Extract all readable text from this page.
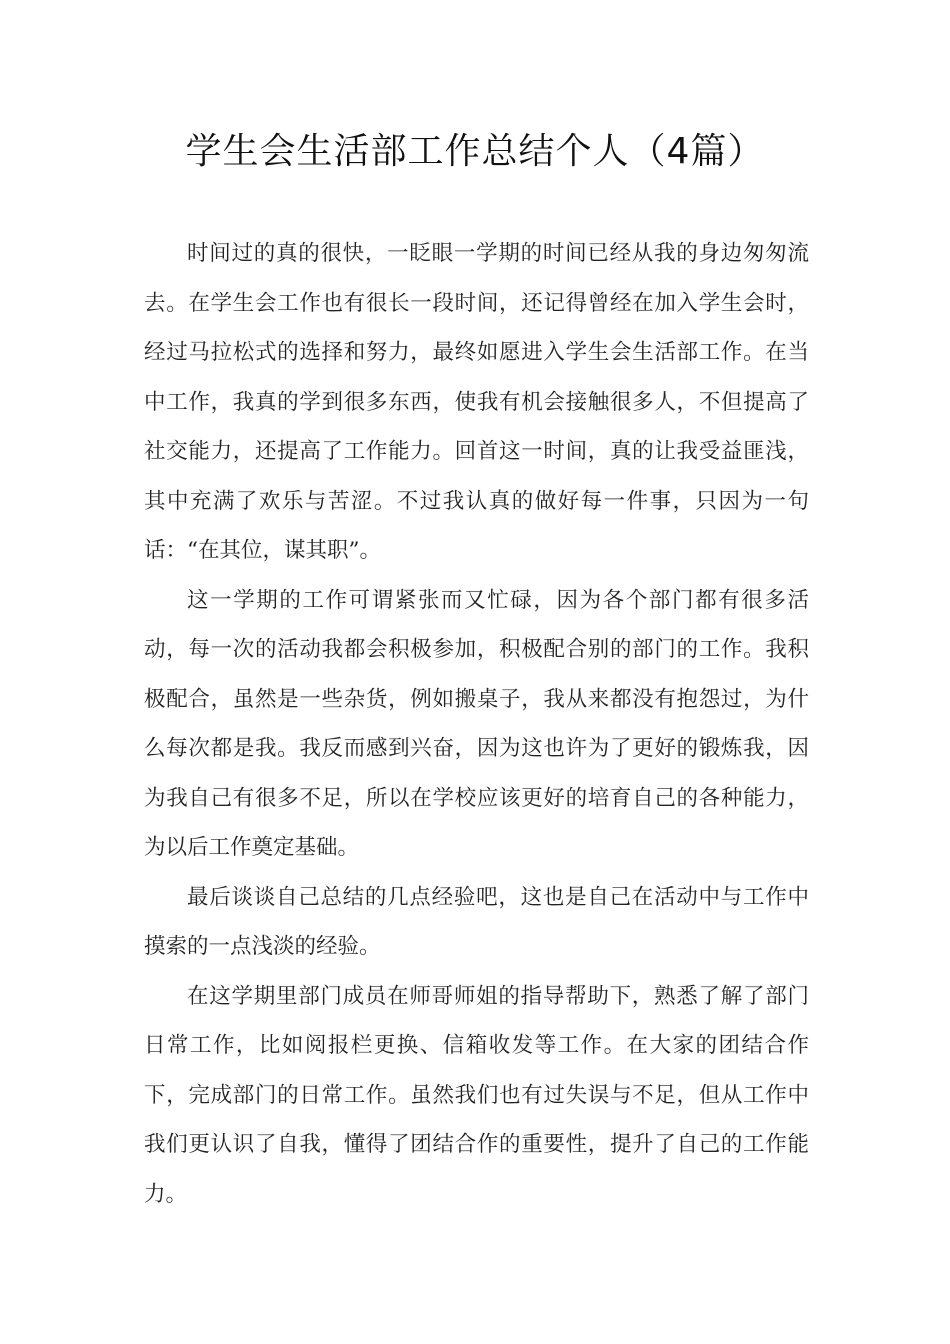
学生会生活部工作总结个人（4篇）

时间过的真的很快，一眨眼一学期的时间已经从我的身边匆匆流去。在学生会工作也有很长一段时间，还记得曾经在加入学生会时，经过马拉松式的选择和努力，最终如愿进入学生会生活部工作。在当中工作，我真的学到很多东西，使我有机会接触很多人，不但提高了社交能力，还提高了工作能力。回首这一时间，真的让我受益匪浅，其中充满了欢乐与苦涩。不过我认真的做好每一件事，只因为一句话：“在其位，谋其职”。

这一学期的工作可谓紧张而又忙碌，因为各个部门都有很多活动，每一次的活动我都会积极参加，积极配合别的部门的工作。我积极配合，虽然是一些杂货，例如搬桌子，我从来都没有抱怨过，为什么每次都是我。我反而感到兴奋，因为这也许为了更好的锻炼我，因为我自己有很多不足，所以在学校应该更好的培育自己的各种能力，为以后工作奠定基础。

最后谈谈自己总结的几点经验吧，这也是自己在活动中与工作中摸索的一点浅淡的经验。

在这学期里部门成员在师哥师姐的指导帮助下，熟悉了解了部门日常工作，比如阅报栏更换、信箱收发等工作。在大家的团结合作下，完成部门的日常工作。虽然我们也有过失误与不足，但从工作中我们更认识了自我，懂得了团结合作的重要性，提升了自己的工作能力。
